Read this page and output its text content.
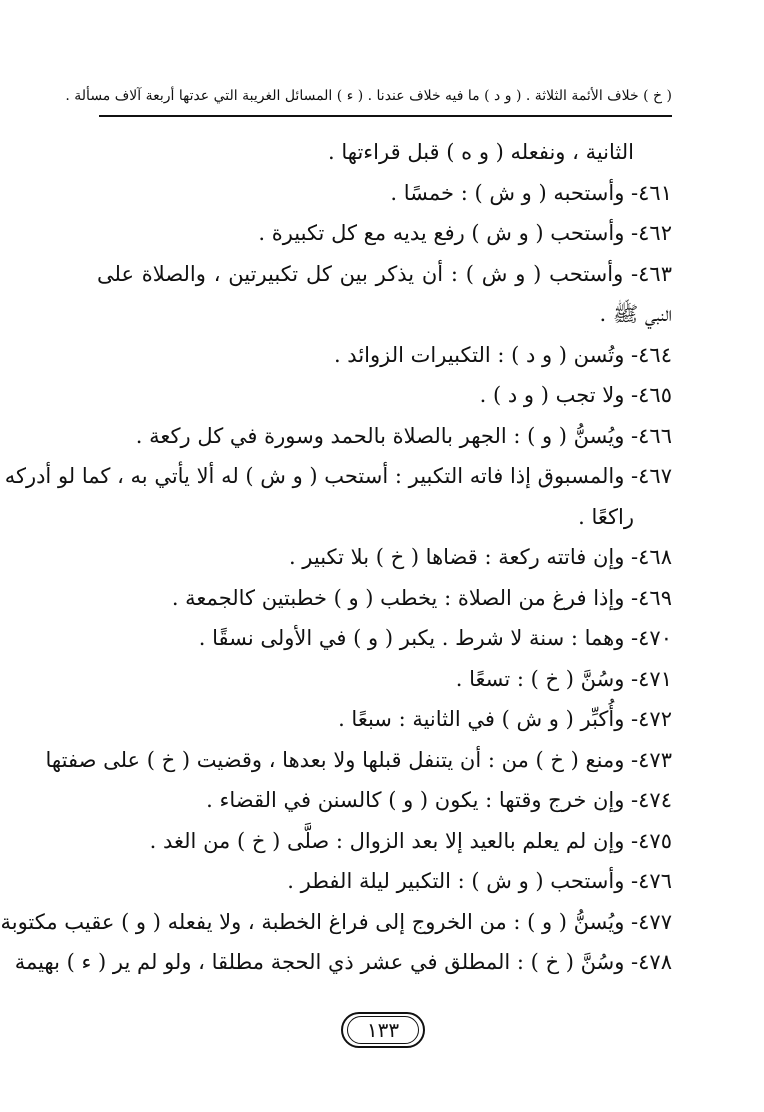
( خ ) خلاف الأئمة الثلاثة . ( و د ) ما فيه خلاف عندنا . ( ء ) المسائل الغريبة التي عدتها أربعة آلاف مسألة .
الثانية ، ونفعله ( و ه ) قبل قراءتها .
٤٦١- وأستحبه ( و ش ) : خمسًا .
٤٦٢- وأستحب ( و ش ) رفع يديه مع كل تكبيرة .
٤٦٣- وأستحب ( و ش ) : أن يذكر بين كل تكبيرتين ، والصلاة على
النبي ﷺ .
٤٦٤- وتُسن ( و د ) : التكبيرات الزوائد .
٤٦٥- ولا تجب ( و د ) .
٤٦٦- ويُسنُّ ( و ) : الجهر بالصلاة بالحمد وسورة في كل ركعة .
٤٦٧- والمسبوق إذا فاته التكبير : أستحب ( و ش ) له ألا يأتي به ، كما لو أدركه
راكعًا .
٤٦٨- وإن فاتته ركعة : قضاها ( خ ) بلا تكبير .
٤٦٩- وإذا فرغ من الصلاة : يخطب ( و ) خطبتين كالجمعة .
٤٧٠- وهما : سنة لا شرط . يكبر ( و ) في الأولى نسقًا .
٤٧١- وسُنَّ ( خ ) : تسعًا .
٤٧٢- وأُكبِّر ( و ش ) في الثانية : سبعًا .
٤٧٣- ومنع ( خ ) من : أن يتنفل قبلها ولا بعدها ، وقضيت ( خ ) على صفتها
٤٧٤- وإن خرج وقتها : يكون ( و ) كالسنن في القضاء .
٤٧٥- وإن لم يعلم بالعيد إلا بعد الزوال : صلَّى ( خ ) من الغد .
٤٧٦- وأستحب ( و ش ) : التكبير ليلة الفطر .
٤٧٧- ويُسنُّ ( و ) : من الخروج إلى فراغ الخطبة ، ولا يفعله ( و ) عقيب مكتوبة
٤٧٨- وسُنَّ ( خ ) : المطلق في عشر ذي الحجة مطلقا ، ولو لم ير ( ء ) بهيمة
١٣٣
